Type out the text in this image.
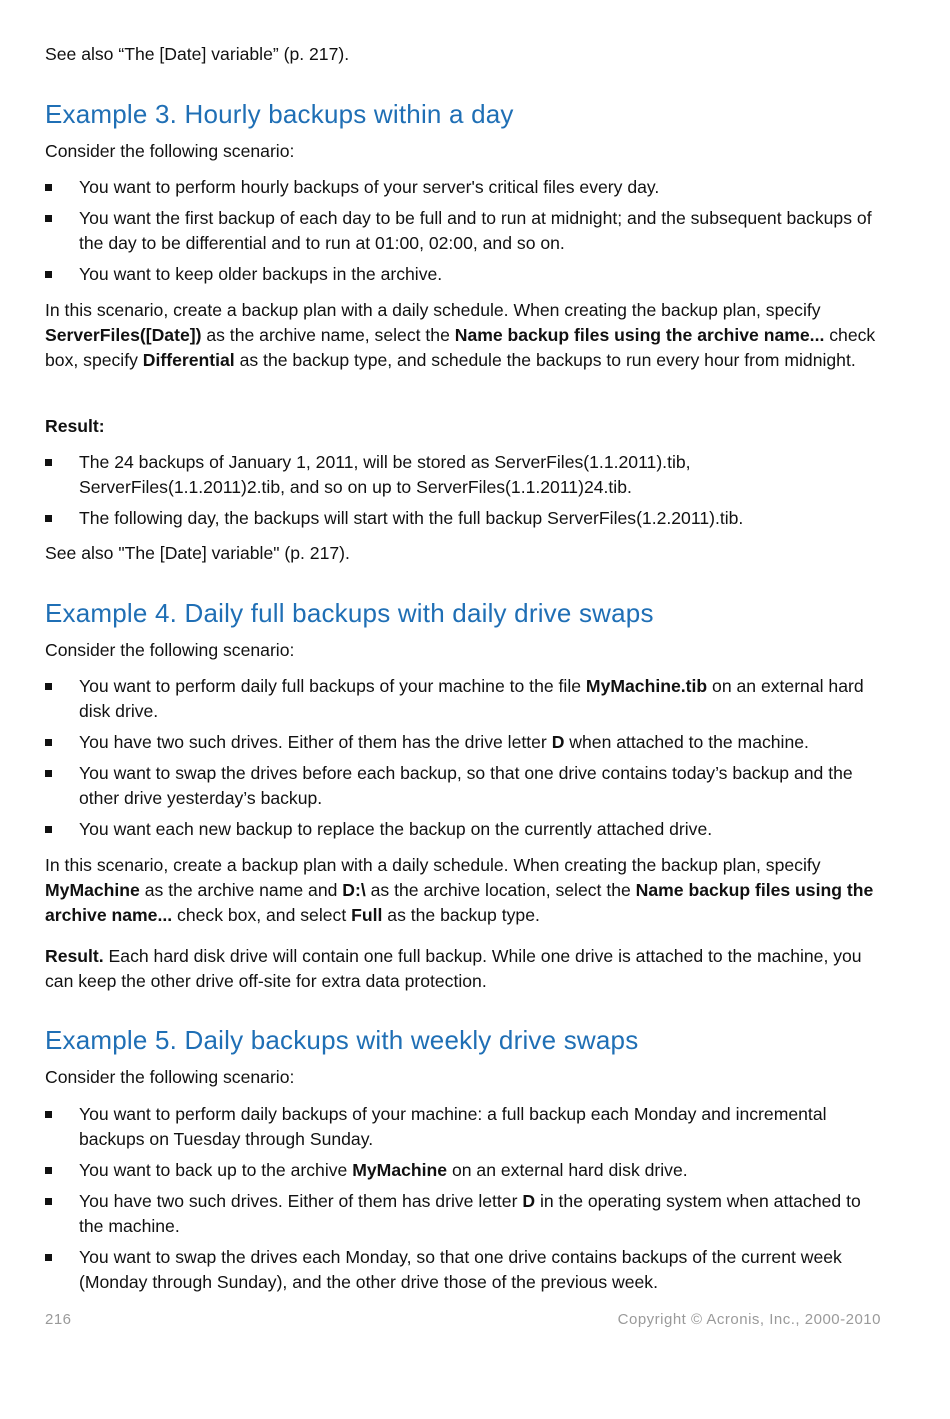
See also “The [Date] variable” (p. 217).

Example 3. Hourly backups within a day

Consider the following scenario:

You want to perform hourly backups of your server's critical files every day.
You want the first backup of each day to be full and to run at midnight; and the subsequent backups of the day to be differential and to run at 01:00, 02:00, and so on.
You want to keep older backups in the archive.

In this scenario, create a backup plan with a daily schedule. When creating the backup plan, specify ServerFiles([Date]) as the archive name, select the Name backup files using the archive name... check box, specify Differential as the backup type, and schedule the backups to run every hour from midnight.

Result:

The 24 backups of January 1, 2011, will be stored as ServerFiles(1.1.2011).tib, ServerFiles(1.1.2011)2.tib, and so on up to ServerFiles(1.1.2011)24.tib.
The following day, the backups will start with the full backup ServerFiles(1.2.2011).tib.

See also "The [Date] variable" (p. 217).

Example 4. Daily full backups with daily drive swaps

Consider the following scenario:

You want to perform daily full backups of your machine to the file MyMachine.tib on an external hard disk drive.
You have two such drives. Either of them has the drive letter D when attached to the machine.
You want to swap the drives before each backup, so that one drive contains today’s backup and the other drive yesterday’s backup.
You want each new backup to replace the backup on the currently attached drive.

In this scenario, create a backup plan with a daily schedule. When creating the backup plan, specify MyMachine as the archive name and D:\ as the archive location, select the Name backup files using the archive name... check box, and select Full as the backup type.

Result. Each hard disk drive will contain one full backup. While one drive is attached to the machine, you can keep the other drive off-site for extra data protection.

Example 5. Daily backups with weekly drive swaps

Consider the following scenario:

You want to perform daily backups of your machine: a full backup each Monday and incremental backups on Tuesday through Sunday.
You want to back up to the archive MyMachine on an external hard disk drive.
You have two such drives. Either of them has drive letter D in the operating system when attached to the machine.
You want to swap the drives each Monday, so that one drive contains backups of the current week (Monday through Sunday), and the other drive those of the previous week.
216	Copyright © Acronis, Inc., 2000-2010
